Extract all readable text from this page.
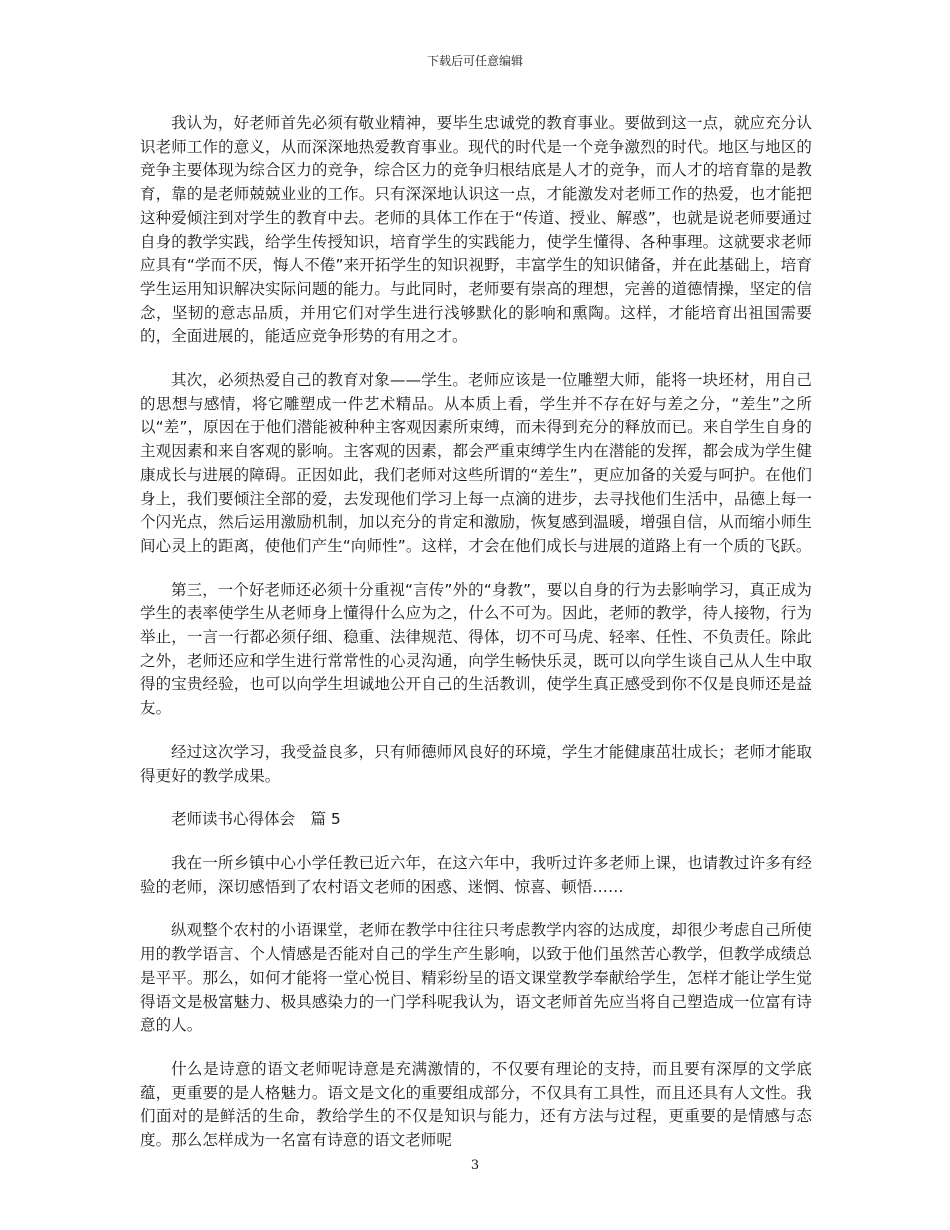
下载后可任意编辑

我认为，好老师首先必须有敬业精神，要毕生忠诚党的教育事业。要做到这一点，就应充分认识老师工作的意义，从而深深地热爱教育事业。现代的时代是一个竞争激烈的时代。地区与地区的竞争主要体现为综合区力的竞争，综合区力的竞争归根结底是人才的竞争，而人才的培育靠的是教育，靠的是老师兢兢业业的工作。只有深深地认识这一点，才能激发对老师工作的热爱，也才能把这种爱倾注到对学生的教育中去。老师的具体工作在于“传道、授业、解惑”，也就是说老师要通过自身的教学实践，给学生传授知识，培育学生的实践能力，使学生懂得、各种事理。这就要求老师应具有“学而不厌，悔人不倦”来开拓学生的知识视野，丰富学生的知识储备，并在此基础上，培育学生运用知识解决实际问题的能力。与此同时，老师要有崇高的理想，完善的道德情操，坚定的信念，坚韧的意志品质，并用它们对学生进行浅够默化的影响和熏陶。这样，才能培育出祖国需要的，全面进展的，能适应竞争形势的有用之才。

其次，必须热爱自己的教育对象——学生。老师应该是一位雕塑大师，能将一块坯材，用自己的思想与感情，将它雕塑成一件艺术精品。从本质上看，学生并不存在好与差之分，“差生”之所以“差”，原因在于他们潜能被种种主客观因素所束缚，而未得到充分的释放而已。来自学生自身的主观因素和来自客观的影响。主客观的因素，都会严重束缚学生内在潜能的发挥，都会成为学生健康成长与进展的障碍。正因如此，我们老师对这些所谓的“差生”，更应加备的关爱与呵护。在他们身上，我们要倾注全部的爱，去发现他们学习上每一点滴的进步，去寻找他们生活中，品德上每一个闪光点，然后运用激励机制，加以充分的肯定和激励，恢复感到温暖，增强自信，从而缩小师生间心灵上的距离，使他们产生“向师性”。这样，才会在他们成长与进展的道路上有一个质的飞跃。

第三，一个好老师还必须十分重视“言传”外的“身教”，要以自身的行为去影响学习，真正成为学生的表率使学生从老师身上懂得什么应为之，什么不可为。因此，老师的教学，待人接物，行为举止，一言一行都必须仔细、稳重、法律规范、得体，切不可马虎、轻率、任性、不负责任。除此之外，老师还应和学生进行常常性的心灵沟通，向学生畅快乐灵，既可以向学生谈自己从人生中取得的宝贵经验，也可以向学生坦诚地公开自己的生活教训，使学生真正感受到你不仅是良师还是益友。

经过这次学习，我受益良多，只有师德师风良好的环境，学生才能健康茁壮成长；老师才能取得更好的教学成果。

老师读书心得体会　篇 5

我在一所乡镇中心小学任教已近六年，在这六年中，我听过许多老师上课，也请教过许多有经验的老师，深切感悟到了农村语文老师的困惑、迷惘、惊喜、顿悟……

纵观整个农村的小语课堂，老师在教学中往往只考虑教学内容的达成度，却很少考虑自己所使用的教学语言、个人情感是否能对自己的学生产生影响，以致于他们虽然苦心教学，但教学成绩总是平平。那么，如何才能将一堂心悦目、精彩纷呈的语文课堂教学奉献给学生，怎样才能让学生觉得语文是极富魅力、极具感染力的一门学科呢我认为，语文老师首先应当将自己塑造成一位富有诗意的人。

什么是诗意的语文老师呢诗意是充满激情的，不仅要有理论的支持，而且要有深厚的文学底蕴，更重要的是人格魅力。语文是文化的重要组成部分，不仅具有工具性，而且还具有人文性。我们面对的是鲜活的生命，教给学生的不仅是知识与能力，还有方法与过程，更重要的是情感与态度。那么怎样成为一名富有诗意的语文老师呢

3
